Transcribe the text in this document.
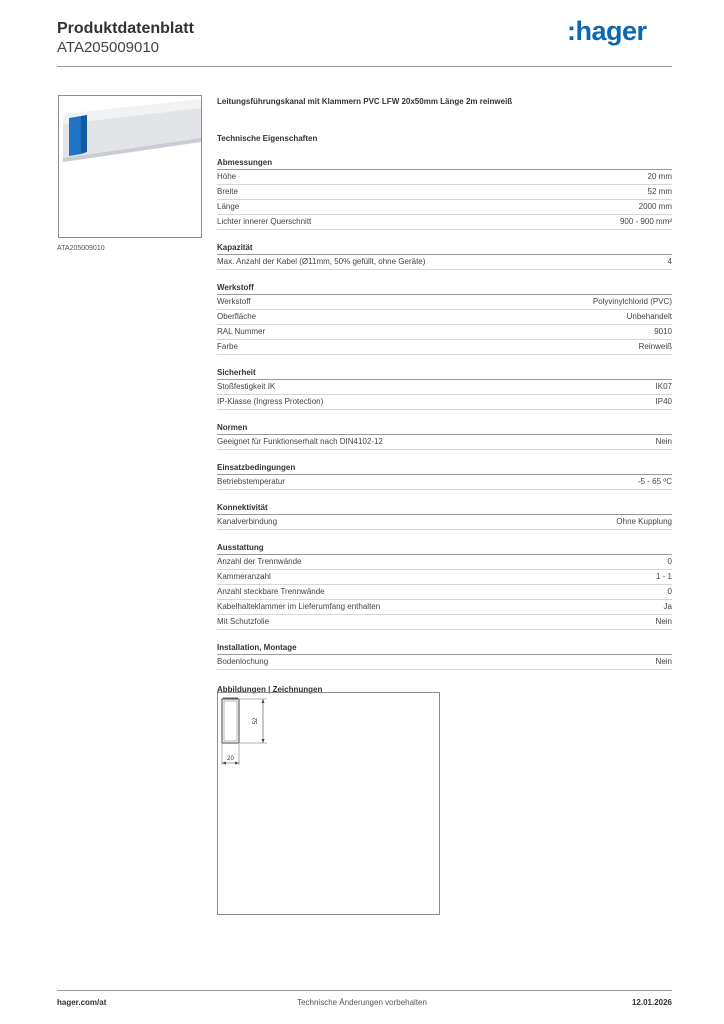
Produktdatenblatt
ATA205009010
:hager
ATA205009010
Leitungsführungskanal mit Klammern PVC LFW 20x50mm Länge 2m reinweiß
Technische Eigenschaften
Abmessungen
Höhe	20 mm
Breite	52 mm
Länge	2000 mm
Lichter innerer Querschnitt	900 - 900 mm²
Kapazität
Max. Anzahl der Kabel (Ø11mm, 50% gefüllt, ohne Geräte)	4
Werkstoff
Werkstoff	Polyvinylchlorid (PVC)
Oberfläche	Unbehandelt
RAL Nummer	9010
Farbe	Reinweiß
Sicherheit
Stoßfestigkeit IK	IK07
IP-Klasse (Ingress Protection)	IP40
Normen
Geeignet für Funktionserhalt nach DIN4102-12	Nein
Einsatzbedingungen
Betriebstemperatur	-5 - 65 ºC
Konnektivität
Kanalverbindung	Ohne Kupplung
Ausstattung
Anzahl der Trennwände	0
Kammeranzahl	1 - 1
Anzahl steckbare Trennwände	0
Kabelhalteklammer im Lieferumfang enthalten	Ja
Mit Schutzfolie	Nein
Installation, Montage
Bodenlochung	Nein
Abbildungen | Zeichnungen
52
20
hager.com/at	Technische Änderungen vorbehalten	12.01.2026
